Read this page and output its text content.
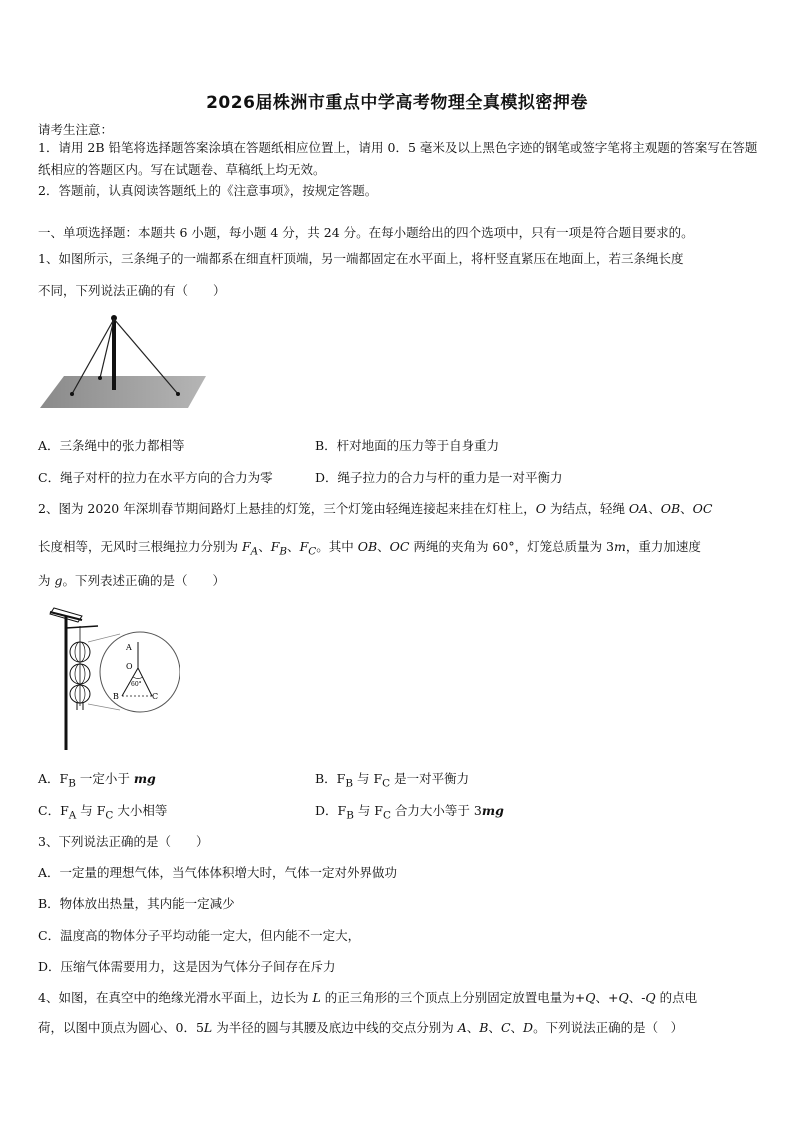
2026届株洲市重点中学高考物理全真模拟密押卷
请考生注意：
1．请用 2B 铅笔将选择题答案涂填在答题纸相应位置上，请用 0．5 毫米及以上黑色字迹的钢笔或签字笔将主观题的答案写在答题纸相应的答题区内。写在试题卷、草稿纸上均无效。
2．答题前，认真阅读答题纸上的《注意事项》，按规定答题。
一、单项选择题：本题共 6 小题，每小题 4 分，共 24 分。在每小题给出的四个选项中，只有一项是符合题目要求的。
1、如图所示，三条绳子的一端都系在细直杆顶端，另一端都固定在水平面上，将杆竖直紧压在地面上，若三条绳长度
不同，下列说法正确的有（　　）
A．三条绳中的张力都相等	B．杆对地面的压力等于自身重力
C．绳子对杆的拉力在水平方向的合力为零	D．绳子拉力的合力与杆的重力是一对平衡力
2、图为 2020 年深圳春节期间路灯上悬挂的灯笼，三个灯笼由轻绳连接起来挂在灯柱上，O 为结点，轻绳 OA、OB、OC
长度相等，无风时三根绳拉力分别为 $F_A$、$F_B$、$F_C$。其中 OB、OC 两绳的夹角为 60°，灯笼总质量为 3m，重力加速度
为 g。下列表述正确的是（　　）
A
O
B	C
60°
A．$F_B$ 一定小于 mg	B．$F_B$ 与 $F_C$ 是一对平衡力
C．$F_A$ 与 $F_C$ 大小相等	D．$F_B$ 与 $F_C$ 合力大小等于 3mg
3、下列说法正确的是（　　）
A．一定量的理想气体，当气体体积增大时，气体一定对外界做功
B．物体放出热量，其内能一定减少
C．温度高的物体分子平均动能一定大，但内能不一定大，
D．压缩气体需要用力，这是因为气体分子间存在斥力
4、如图，在真空中的绝缘光滑水平面上，边长为 L 的正三角形的三个顶点上分别固定放置电量为+Q、+Q、-Q 的点电
荷，以图中顶点为圆心、0．5L 为半径的圆与其腰及底边中线的交点分别为 A、B、C、D。下列说法正确的是（　）
